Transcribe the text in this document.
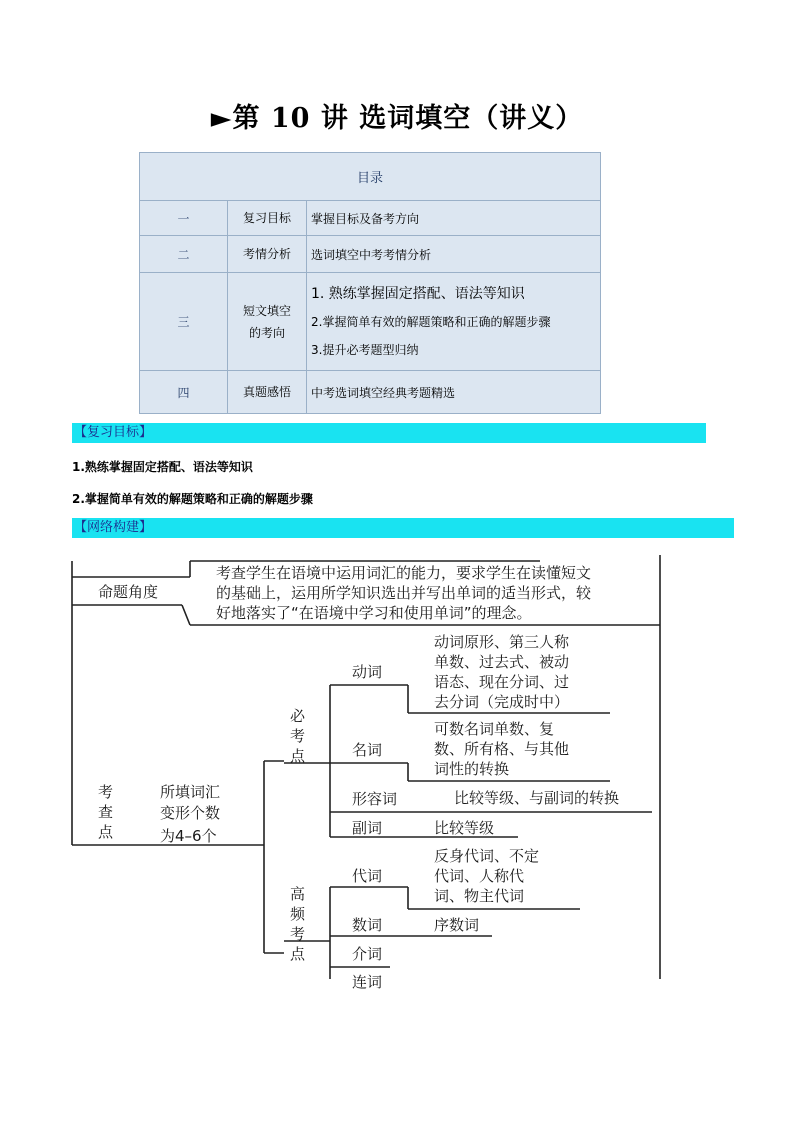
►第 10 讲 选词填空（讲义）
目录		
一	复习目标	掌握目标及备考方向
二	考情分析	选词填空中考考情分析
三	短文填空的考向	1. 熟练掌握固定搭配、语法等知识
2.掌握简单有效的解题策略和正确的解题步骤
3.提升必考题型归纳

四	真题感悟	中考选词填空经典考题精选
【复习目标】
1.熟练掌握固定搭配、语法等知识
2.掌握简单有效的解题策略和正确的解题步骤
【网络构建】
命题角度
考查学生在语境中运用词汇的能力，要求学生在读懂短文
的基础上，运用所学知识选出并写出单词的适当形式，较
好地落实了“在语境中学习和使用单词”的理念。
考
查
点
所填词汇
变形个数
为4–6个
必
考
点
高
频
考
点
动词
名词
形容词
副词
动词原形、第三人称
单数、过去式、被动
语态、现在分词、过
去分词（完成时中）
可数名词单数、复
数、所有格、与其他
词性的转换
比较等级、与副词的转换
比较等级
代词
数词
介词
连词
反身代词、不定
代词、人称代
词、物主代词
序数词
